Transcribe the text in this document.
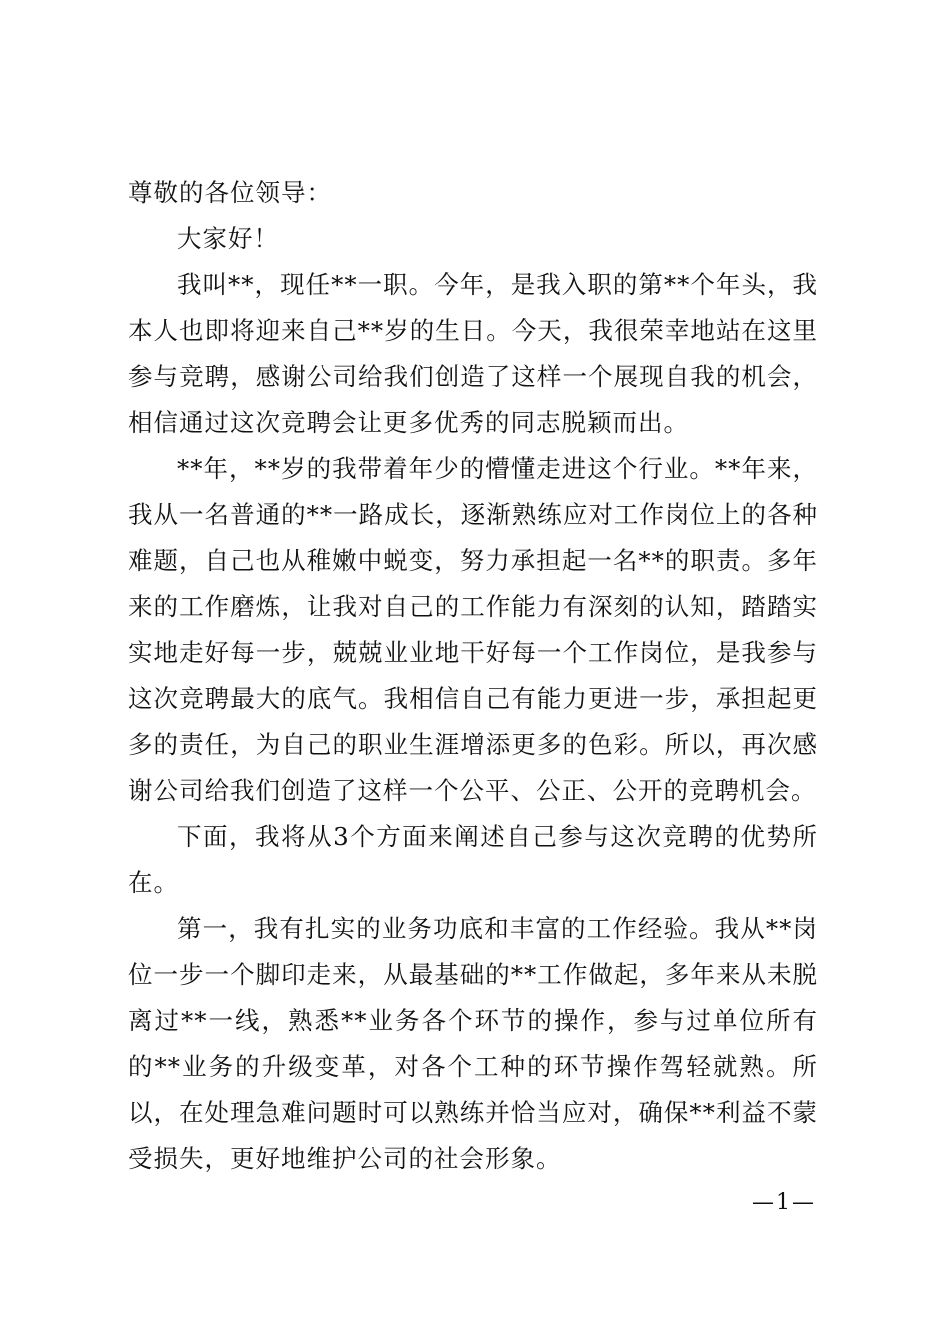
尊敬的各位领导：

大家好！

我叫**，现任**一职。今年，是我入职的第**个年头，我本人也即将迎来自己**岁的生日。今天，我很荣幸地站在这里参与竞聘，感谢公司给我们创造了这样一个展现自我的机会，相信通过这次竞聘会让更多优秀的同志脱颖而出。

**年，**岁的我带着年少的懵懂走进这个行业。**年来，我从一名普通的**一路成长，逐渐熟练应对工作岗位上的各种难题，自己也从稚嫩中蜕变，努力承担起一名**的职责。多年来的工作磨炼，让我对自己的工作能力有深刻的认知，踏踏实实地走好每一步，兢兢业业地干好每一个工作岗位，是我参与这次竞聘最大的底气。我相信自己有能力更进一步，承担起更多的责任，为自己的职业生涯增添更多的色彩。所以，再次感谢公司给我们创造了这样一个公平、公正、公开的竞聘机会。

下面，我将从3个方面来阐述自己参与这次竞聘的优势所在。

第一，我有扎实的业务功底和丰富的工作经验。我从**岗位一步一个脚印走来，从最基础的**工作做起，多年来从未脱离过**一线，熟悉**业务各个环节的操作，参与过单位所有的**业务的升级变革，对各个工种的环节操作驾轻就熟。所以，在处理急难问题时可以熟练并恰当应对，确保**利益不蒙受损失，更好地维护公司的社会形象。

—1—
